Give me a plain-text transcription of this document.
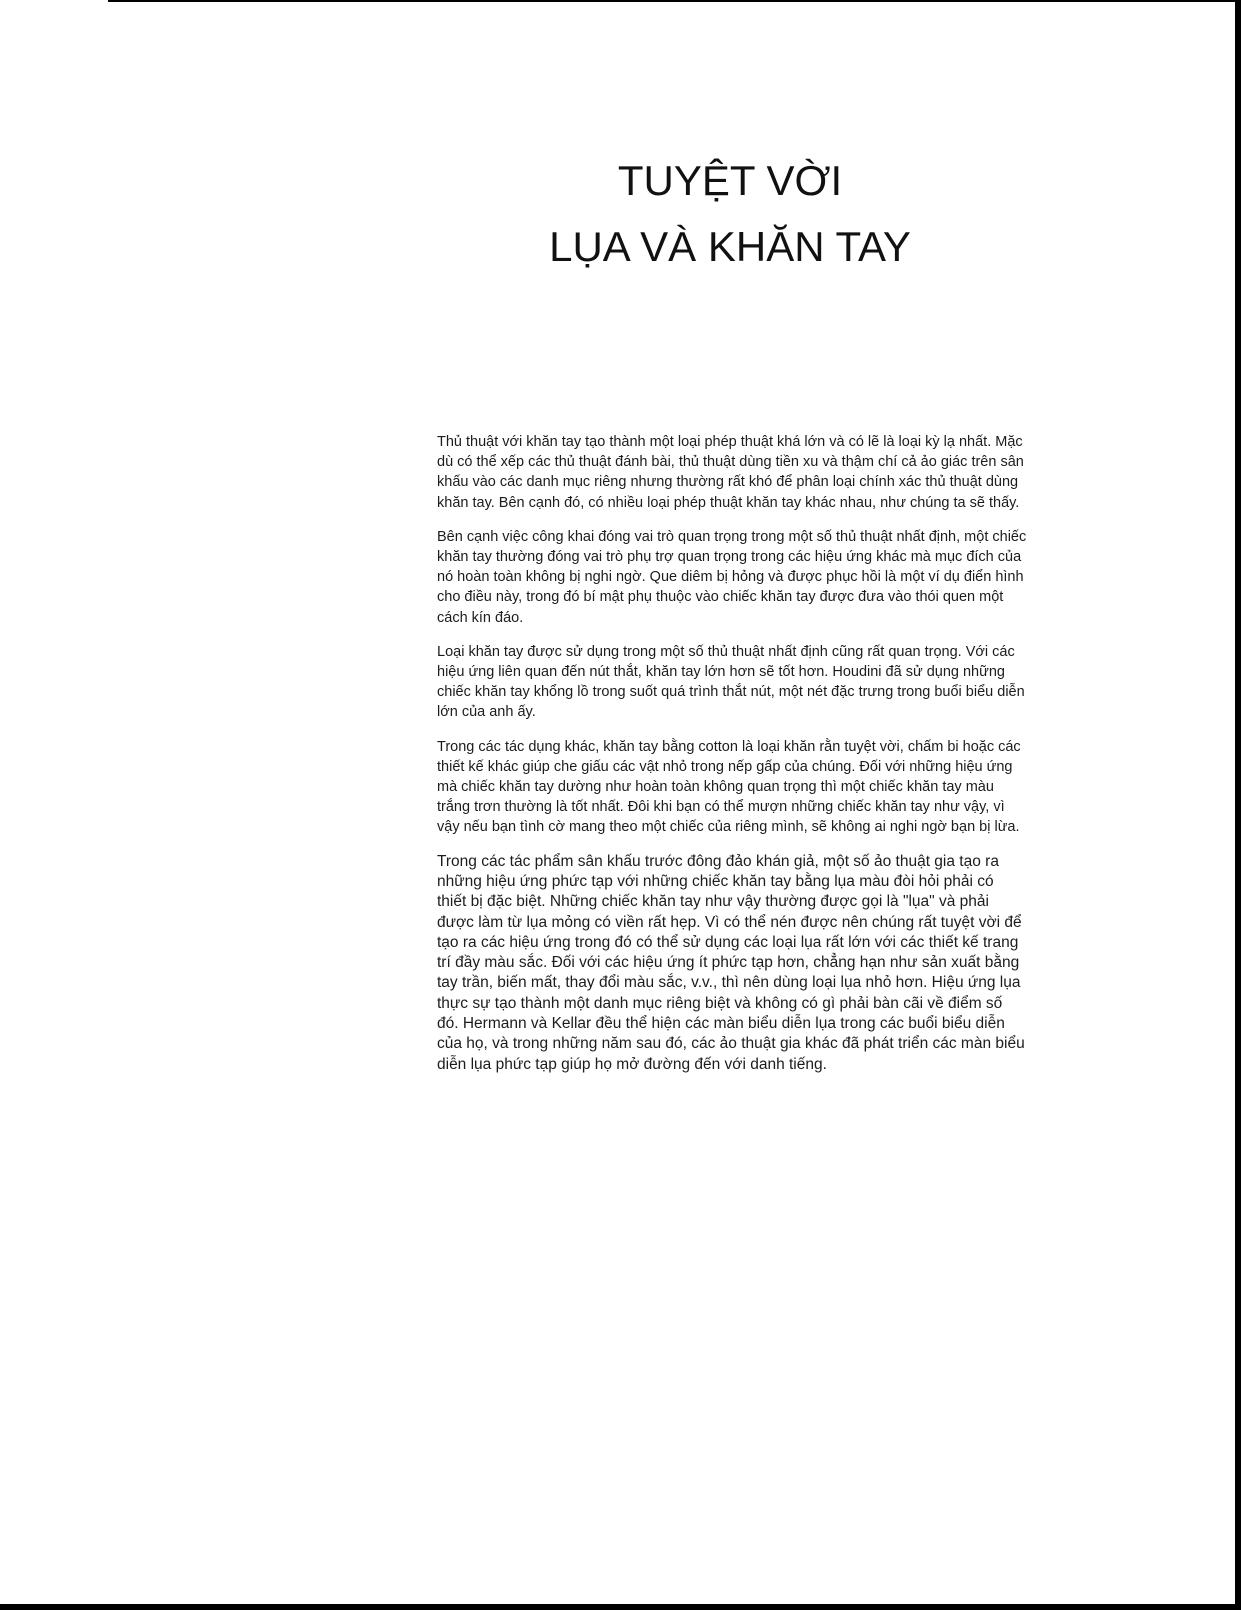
TUYỆT VỜI
LỤA VÀ KHĂN TAY

Thủ thuật với khăn tay tạo thành một loại phép thuật khá lớn và có lẽ là loại kỳ lạ nhất. Mặc dù có thể xếp các thủ thuật đánh bài, thủ thuật dùng tiền xu và thậm chí cả ảo giác trên sân khấu vào các danh mục riêng nhưng thường rất khó để phân loại chính xác thủ thuật dùng khăn tay. Bên cạnh đó, có nhiều loại phép thuật khăn tay khác nhau, như chúng ta sẽ thấy.

Bên cạnh việc công khai đóng vai trò quan trọng trong một số thủ thuật nhất định, một chiếc khăn tay thường đóng vai trò phụ trợ quan trọng trong các hiệu ứng khác mà mục đích của nó hoàn toàn không bị nghi ngờ. Que diêm bị hỏng và được phục hồi là một ví dụ điển hình cho điều này, trong đó bí mật phụ thuộc vào chiếc khăn tay được đưa vào thói quen một cách kín đáo.

Loại khăn tay được sử dụng trong một số thủ thuật nhất định cũng rất quan trọng. Với các hiệu ứng liên quan đến nút thắt, khăn tay lớn hơn sẽ tốt hơn. Houdini đã sử dụng những chiếc khăn tay khổng lồ trong suốt quá trình thắt nút, một nét đặc trưng trong buổi biểu diễn lớn của anh ấy.

Trong các tác dụng khác, khăn tay bằng cotton là loại khăn rằn tuyệt vời, chấm bi hoặc các thiết kế khác giúp che giấu các vật nhỏ trong nếp gấp của chúng. Đối với những hiệu ứng mà chiếc khăn tay dường như hoàn toàn không quan trọng thì một chiếc khăn tay màu trắng trơn thường là tốt nhất. Đôi khi bạn có thể mượn những chiếc khăn tay như vậy, vì vậy nếu bạn tình cờ mang theo một chiếc của riêng mình, sẽ không ai nghi ngờ bạn bị lừa.

Trong các tác phẩm sân khấu trước đông đảo khán giả, một số ảo thuật gia tạo ra những hiệu ứng phức tạp với những chiếc khăn tay bằng lụa màu đòi hỏi phải có thiết bị đặc biệt. Những chiếc khăn tay như vậy thường được gọi là "lụa" và phải được làm từ lụa mỏng có viền rất hẹp. Vì có thể nén được nên chúng rất tuyệt vời để tạo ra các hiệu ứng trong đó có thể sử dụng các loại lụa rất lớn với các thiết kế trang trí đầy màu sắc. Đối với các hiệu ứng ít phức tạp hơn, chẳng hạn như sản xuất bằng tay trần, biến mất, thay đổi màu sắc, v.v., thì nên dùng loại lụa nhỏ hơn. Hiệu ứng lụa thực sự tạo thành một danh mục riêng biệt và không có gì phải bàn cãi về điểm số đó. Hermann và Kellar đều thể hiện các màn biểu diễn lụa trong các buổi biểu diễn của họ, và trong những năm sau đó, các ảo thuật gia khác đã phát triển các màn biểu diễn lụa phức tạp giúp họ mở đường đến với danh tiếng.
